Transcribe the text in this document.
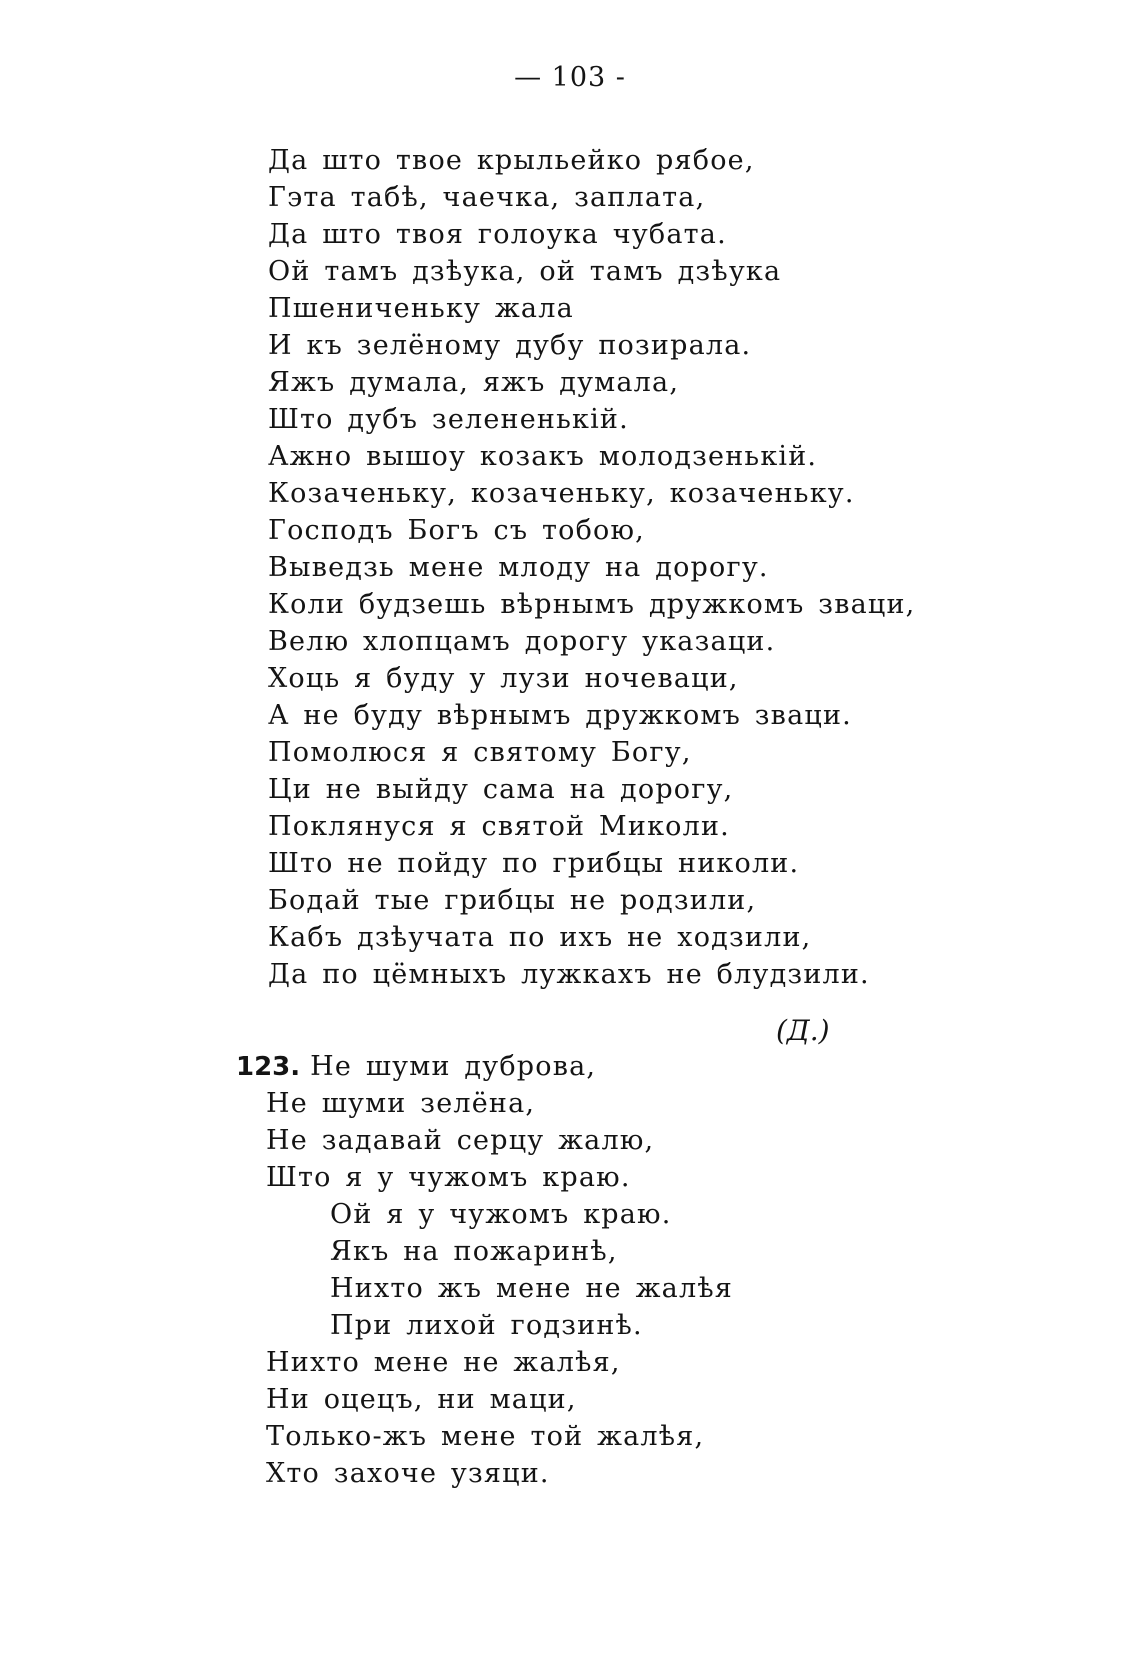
— 103 -
Да што твое крыльейко рябое,
Гэта табѣ, чаечка, заплата,
Да што твоя голоука чубата.
Ой тамъ дзѣука, ой тамъ дзѣука
Пшениченьку жала
И къ зелёному дубу позирала.
Яжъ думала, яжъ думала,
Што дубъ зелененькій.
Ажно вышоу козакъ молодзенькій.
Козаченьку, козаченьку, козаченьку.
Господъ Богъ съ тобою,
Выведзь мене млоду на дорогу.
Коли будзешь вѣрнымъ дружкомъ зваци,
Велю хлопцамъ дорогу указаци.
Хоць я буду у лузи ночеваци,
А не буду вѣрнымъ дружкомъ зваци.
Помолюся я святому Богу,
Ци не выйду сама на дорогу,
Поклянуся я святой Миколи.
Што не пойду по грибцы николи.
Бодай тые грибцы не родзили,
Кабъ дзѣучата по ихъ не ходзили,
Да по цёмныхъ лужкахъ не блудзили.
(Д.)
123. Не шуми дуброва,
Не шуми зелёна,
Не задавай серцу жалю,
Што я у чужомъ краю.
Ой я у чужомъ краю.
Якъ на пожаринѣ,
Нихто жъ мене не жалѣя
При лихой годзинѣ.
Нихто мене не жалѣя,
Ни оцецъ, ни маци,
Только-жъ мене той жалѣя,
Хто захоче узяци.
